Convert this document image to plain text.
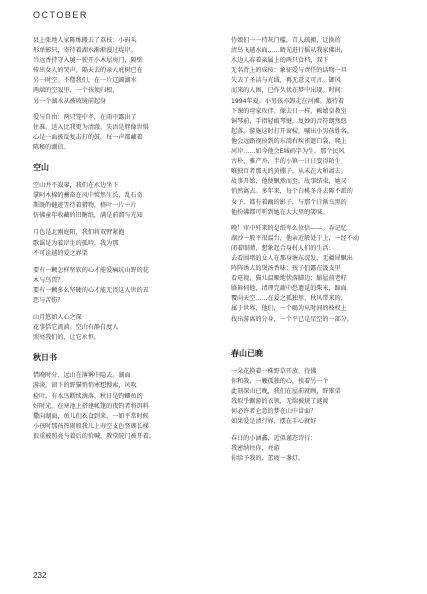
OCTOBER
县上张地人家陈炼搬去了荔枝：小码头
形单影只，寄待着湖水渐渐漫过堤岸。
当远香持守入境一驶开小木屋房门，隔壁
传出女人的哭声。隔天去的亲人庇树已在
另一时空。不僧我们，在一片辽阔湖水
两端的空寂里，一个孩须归根，
另一个湖水从被坡镜前起身
爱与自由：两只笼中孝，在雨中露出了
住准。送入比我更为清澈，失语是胖像世惧
心是一面被反复击打的鼓，每一声都藏着
陈秘的潮信。
空山
空山并不寂寥，我们在水边坐下
掌阿木棉的蓄奋在风中愤然生长，乱石奇
斯既的健迹等待着猎物，格叶一片一片
仿佛童年收藏的旧糖纸，满是前溜与光知
月色是北刚庭阳，我们将双臂紧抱
歌谣是为着岸生的孤吟，我为那
不可诠越的爱之界栗
要有一颗怎样坚软的心才能爱痛坑山野的花
木与鸟兽？
要有一颗多么坚硬的心才能无畏这人世的丑
恶与苦伤？
山月悠如人心之深
花事恬它流淌。空山有静自度人
照亮我们的，让它永恒。
秋日书
惜晚时分，远山在薄雾中隐去。湖面
游淡。窗下的野猫悄悄寒想搜索，风吹
检叶，有水鸟断续滴落。秋日是钓鲫鱼的
好时光。在寒池上搭建帐篷的夜钓者将饵料
撒向湖面，鱼儿们衣食到来。一如平常时候
小孩时那孩热闹般我儿上寿空支色竖瑚长梯
很重被照亮与着后的价喊。教堂院门被开着。
侍娘们一一持灰门槛，青人疏搬，迁换的
清鸟飞越水面……睛光进行摇从我家佛出，
水边人春着亲属上的两只食档，双下
无名背上的成按：象征爱与责任的话物一旦
失去了圣洁与光域，再无意义可言。御风
而来的人困，已作久伏在梦中出现。时间：
1994年夏。小男孩亦卸走在河滩。蒸待着
下课的弯家玫伴。像去日一样，赖嬉皇教室
铜琴前，手指轻敲琴键，复妙的音符朗然悠
起落。游施这时打开窗棂，喊出小男孩姓名。
他会远路视拉到的东湾右疾雀遮口袋，爬上
河岸……如今他会E城码字为生。那个民风
古朴、雅产舟、半的小镇一日日变得陌生
唯独百者那天的黄棚子，从未在大和离去。
故事开始，他便飘然而至，故事结束，她又
悄然离去。多年来，每个白桃冬舟去陈不派的
女子，都有着幽的影子，与那个日渐乌黑的
他扮佛都可听到她在大大里的笑味。
晚！审中歼来的是纸卑么位倍——。吞记忆
湖沙一般平很温台，他亲近般处于上，一经不动
闭着眼睛，想象起合身村人们的生活：
去看围堵的女人在那身塘东浣发，无疆犀飘出
阵阵诱人的煲汤香味；孩子们露在汲支里
看电视，猫儿温顺地伏落脚边；縮屋前老籽
胳唇伺他，清理完蔬中恐遗觅的柴米，蹄面
覆向天空……在爱之孤独里，秋风带来的，
属于世界，他们，一个喝为从时间的枝杈上
找出游离的分身，一个平已是星空的一部分。
春山已晚
一朵花换着一株野草开放，待佛
你和我，一颗孤独的心，挨着另一个
此刻深山已晚，我们在屋前就顾，野雉栗
我似乎飘游的衣领，无端被规了谜渡
何必许者仑意的梦在山中冒面？
如果爱是清行界，摆在手心就好
春日的小涵鑫，近似谨态诗行：
我密纳往你，亮游
你给予我的，蕾疲一盏灯。
232
